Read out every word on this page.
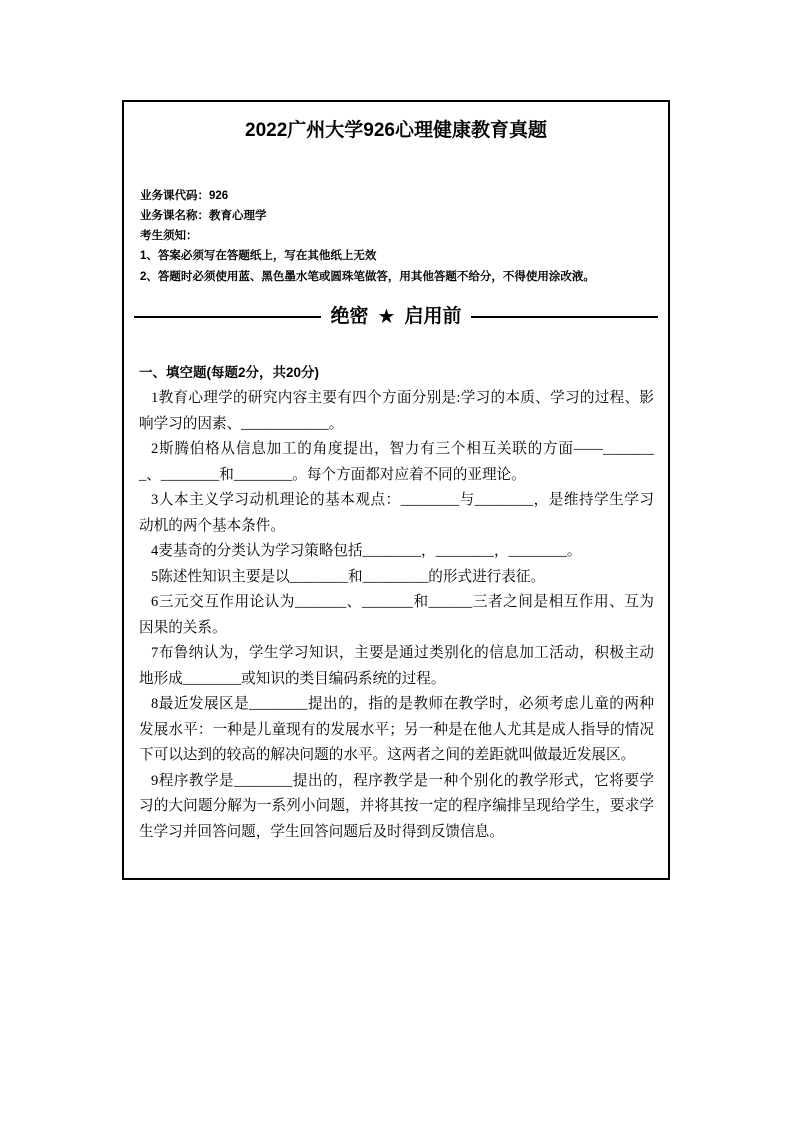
2022广州大学926心理健康教育真题
业务课代码：926
业务课名称：教育心理学
考生须知：
1、答案必须写在答题纸上，写在其他纸上无效
2、答题时必须使用蓝、黑色墨水笔或圆珠笔做答，用其他答题不给分，不得使用涂改液。
绝密 ★ 启用前
一、填空题(每题2分，共20分)

1教育心理学的研究内容主要有四个方面分别是:学习的本质、学习的过程、影响学习的因素、____________。

2斯腾伯格从信息加工的角度提出，智力有三个相互关联的方面——________、________和________。每个方面都对应着不同的亚理论。

3人本主义学习动机理论的基本观点：________与________，是维持学生学习动机的两个基本条件。

4麦基奇的分类认为学习策略包括________，________，________。

5陈述性知识主要是以________和_________的形式进行表征。

6三元交互作用论认为_______、_______和______三者之间是相互作用、互为因果的关系。

7布鲁纳认为，学生学习知识，主要是通过类别化的信息加工活动，积极主动地形成________或知识的类目编码系统的过程。

8最近发展区是________提出的，指的是教师在教学时，必须考虑儿童的两种发展水平：一种是儿童现有的发展水平；另一种是在他人尤其是成人指导的情况下可以达到的较高的解决问题的水平。这两者之间的差距就叫做最近发展区。

9程序教学是________提出的，程序教学是一种个别化的教学形式，它将要学习的大问题分解为一系列小问题，并将其按一定的程序编排呈现给学生，要求学生学习并回答问题，学生回答问题后及时得到反馈信息。
